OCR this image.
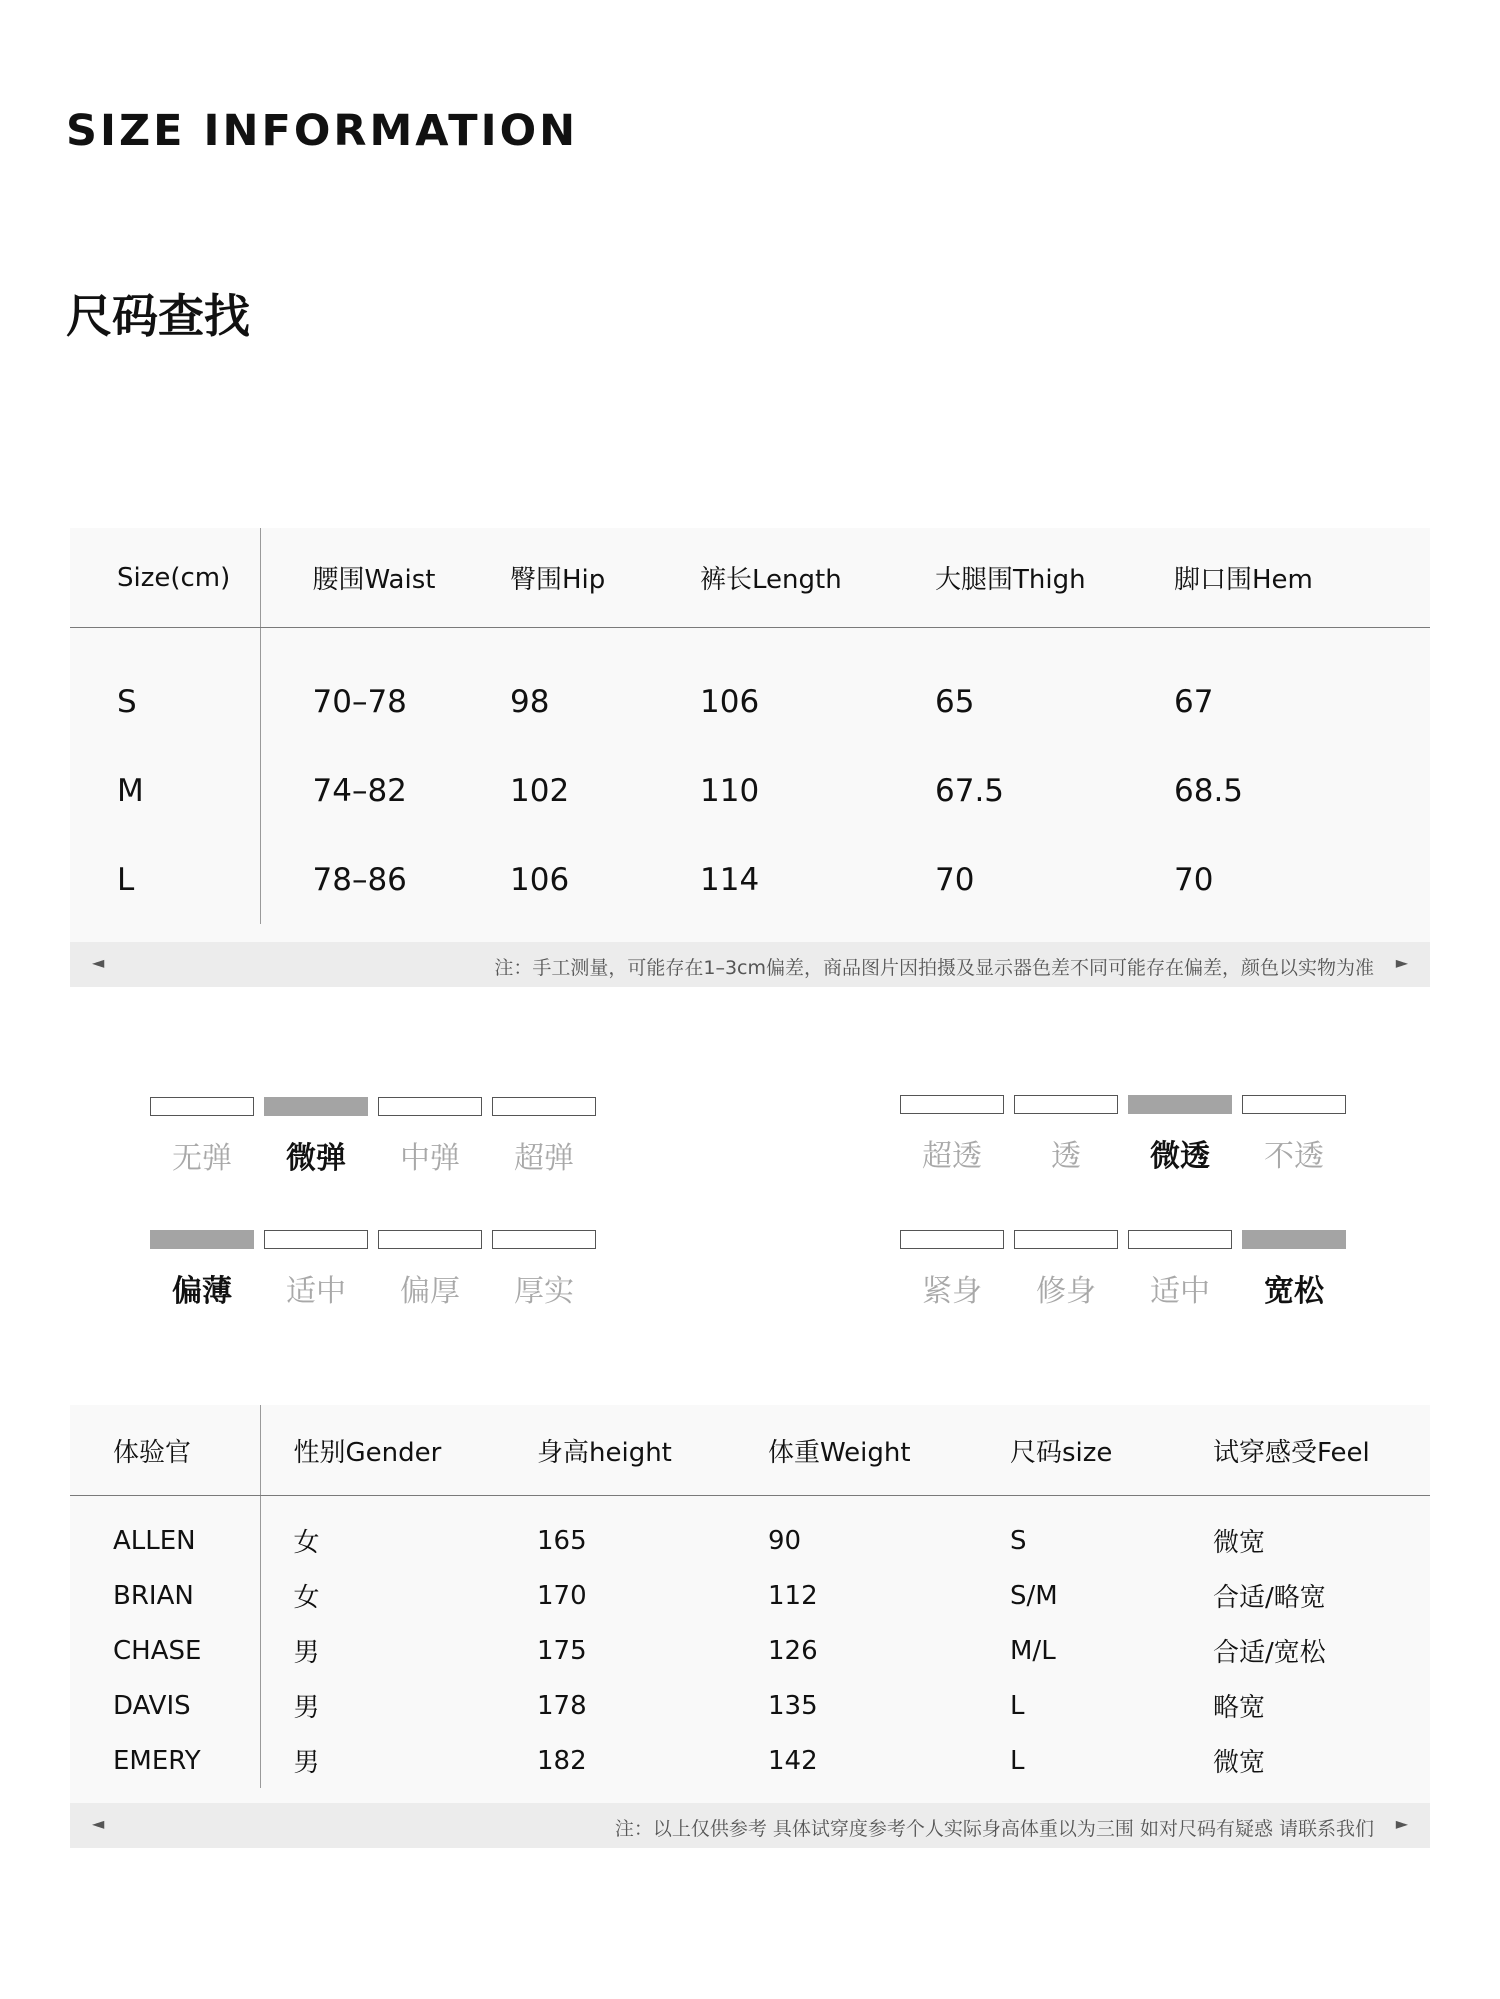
SIZE INFORMATION
尺码查找
Size(cm)	腰围Waist	臀围Hip	裤长Length	大腿围Thigh	脚口围Hem
S	70–78	98	106	65	67
M	74–82	102	110	67.5	68.5
L	78–86	106	114	70	70
◄	注：手工测量，可能存在1–3cm偏差，商品图片因拍摄及显示器色差不同可能存在偏差，颜色以实物为准 ►
无弹	微弹	中弹	超弹	超透	透	微透	不透
偏薄	适中	偏厚	厚实	紧身	修身	适中	宽松
体验官	性别Gender	身高height	体重Weight	尺码size	试穿感受Feel
ALLEN	女	165	90	S	微宽
BRIAN	女	170	112	S/M	合适/略宽
CHASE	男	175	126	M/L	合适/宽松
DAVIS	男	178	135	L	略宽
EMERY	男	182	142	L	微宽
◄	注：以上仅供参考 具体试穿度参考个人实际身高体重以为三围 如对尺码有疑惑 请联系我们 ►
